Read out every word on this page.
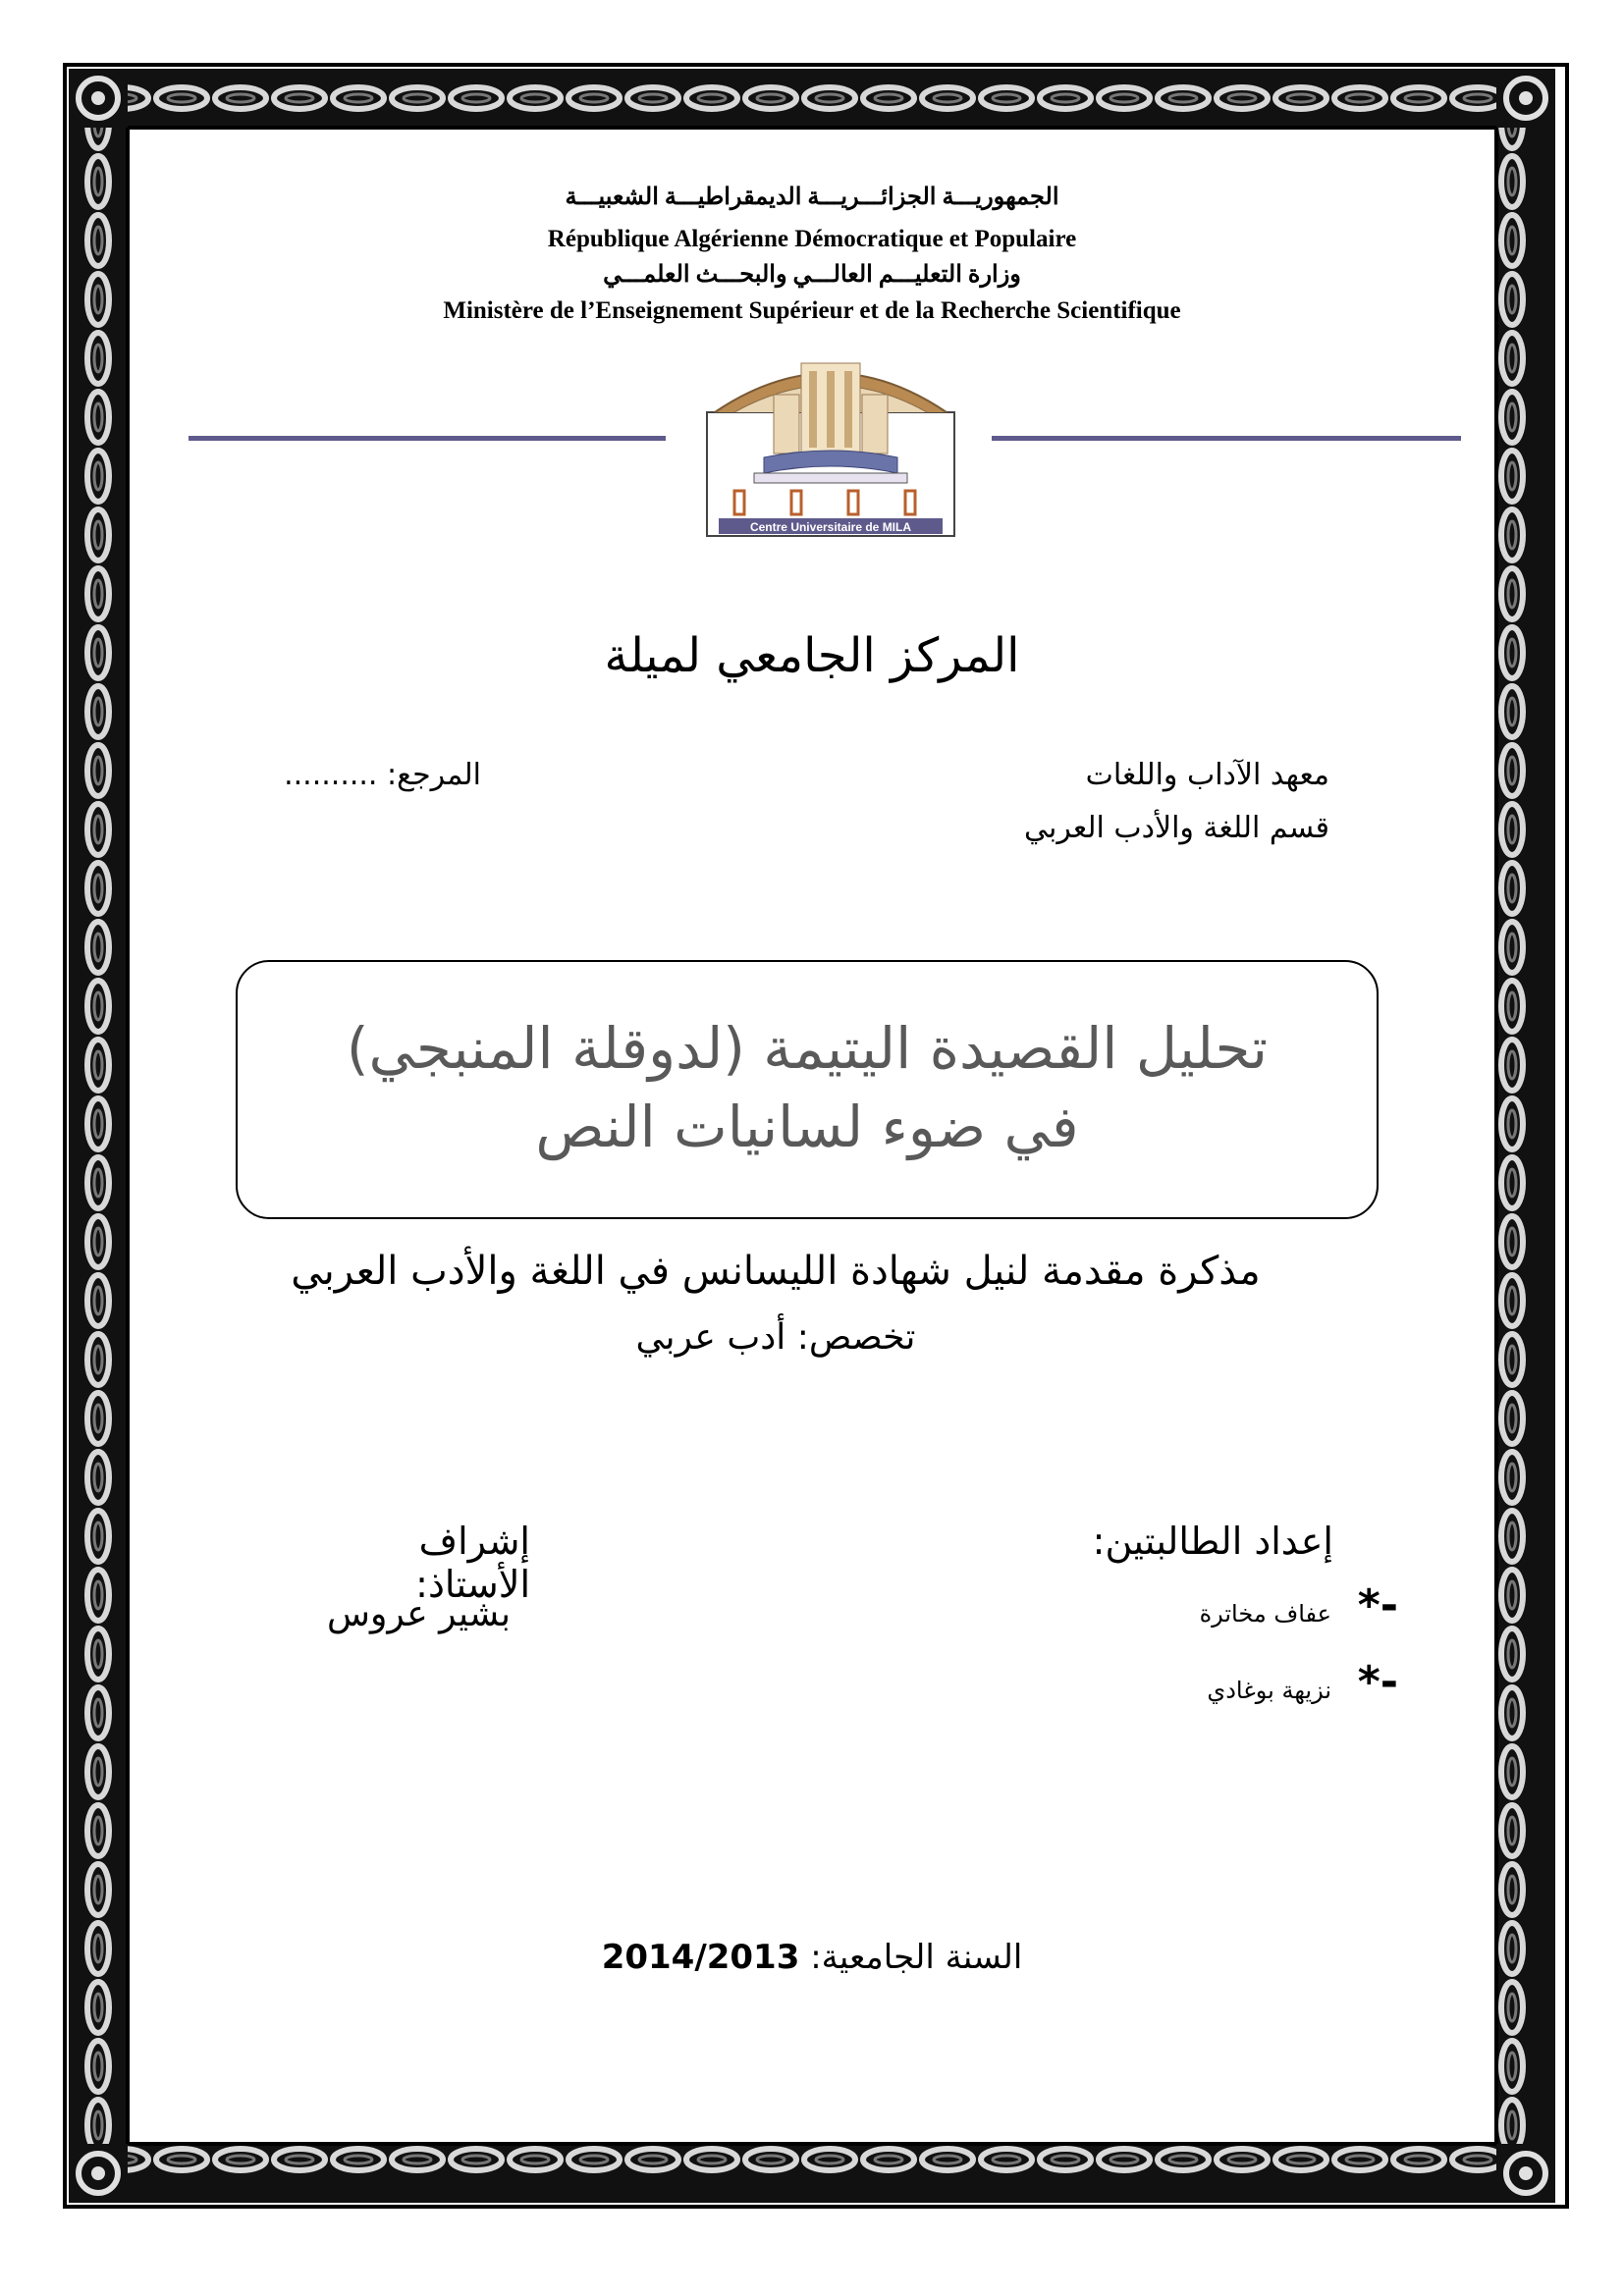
الجمهوريـــة الجزائـــريـــة الديمقراطيـــة الشعبيـــة
République Algérienne Démocratique et Populaire
وزارة التعليـــم العالـــي والبحـــث العلمـــي
Ministère de l’Enseignement Supérieur et de la Recherche Scientifique
Centre Universitaire de MILA
المركز الجامعي لميلة
معهد الآداب واللغات
قسم اللغة والأدب العربي
المرجع: ..........
تحليل القصيدة اليتيمة (لدوقلة المنبجي)
في ضوء لسانيات النص
مذكرة مقدمة لنيل شهادة الليسانس في اللغة والأدب العربي
تخصص: أدب عربي
إعداد الطالبتين:
*-
عفاف مخاترة
*-
نزيهة بوغادي
إشراف الأستاذ:
بشير عروس
السنة الجامعية: 2014/2013
